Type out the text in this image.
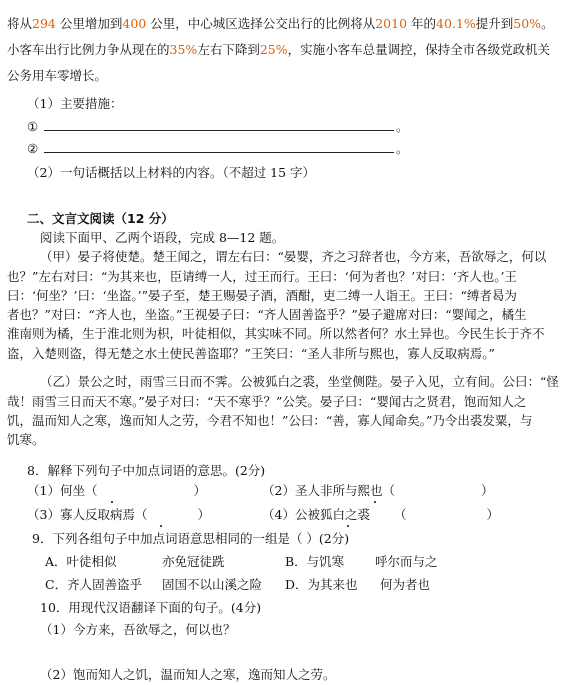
将从294 公里增加到400 公里，中心城区选择公交出行的比例将从2010 年的40.1%提升到50%。
小客车出行比例力争从现在的35%左右下降到25%，实施小客车总量调控，保持全市各级党政机关
公务用车零增长。
（1）主要措施：
①	。
②	。
（2）一句话概括以上材料的内容。（不超过 15 字）
二、文言文阅读（12 分）
阅读下面甲、乙两个语段，完成 8—12 题。
（甲）晏子将使楚。楚王闻之，谓左右曰：“晏婴，齐之习辞者也，今方来，吾欲辱之，何以
也？”左右对曰：“为其来也，臣请缚一人，过王而行。王曰：‘何为者也？’对曰：‘齐人也。’王
曰：‘何坐？’曰：‘坐盗。’”晏子至，楚王赐晏子酒，酒酣，吏二缚一人诣王。王曰：“缚者曷为
者也？”对曰：“齐人也，坐盗。”王视晏子曰：“齐人固善盗乎？”晏子避席对曰：“婴闻之，橘生
淮南则为橘，生于淮北则为枳，叶徒相似，其实味不同。所以然者何？水土异也。今民生长于齐不
盗，入楚则盗，得无楚之水土使民善盗耶？”王笑曰：“圣人非所与熙也，寡人反取病焉。”
（乙）景公之时，雨雪三日而不霁。公被狐白之裘，坐堂侧陛。晏子入见，立有间。公曰：“怪
哉！雨雪三日而天不寒。”晏子对曰：“天不寒乎？”公笑。晏子曰：“婴闻古之贤君，饱而知人之
饥，温而知人之寒，逸而知人之劳，今君不知也！”公曰：“善，寡人闻命矣。”乃令出裘发粟，与
饥寒。
8．解释下列句子中加点词语的意思。(2分)
（1）何坐（	）	（2）圣人非所与熙也（	）
（3）寡人反取病焉（	）	（4）公被狐白之裘 （	）
9．下列各组句子中加点词语意思相同的一组是（ ）(2分)
A．叶徒相似	亦免冠徒跣	B．与饥寒 呼尔而与之
C．齐人固善盗乎 固国不以山溪之险 D．为其来也 何为者也
10．用现代汉语翻译下面的句子。(4分)
（1）今方来，吾欲辱之，何以也？
（2）饱而知人之饥，温而知人之寒，逸而知人之劳。
